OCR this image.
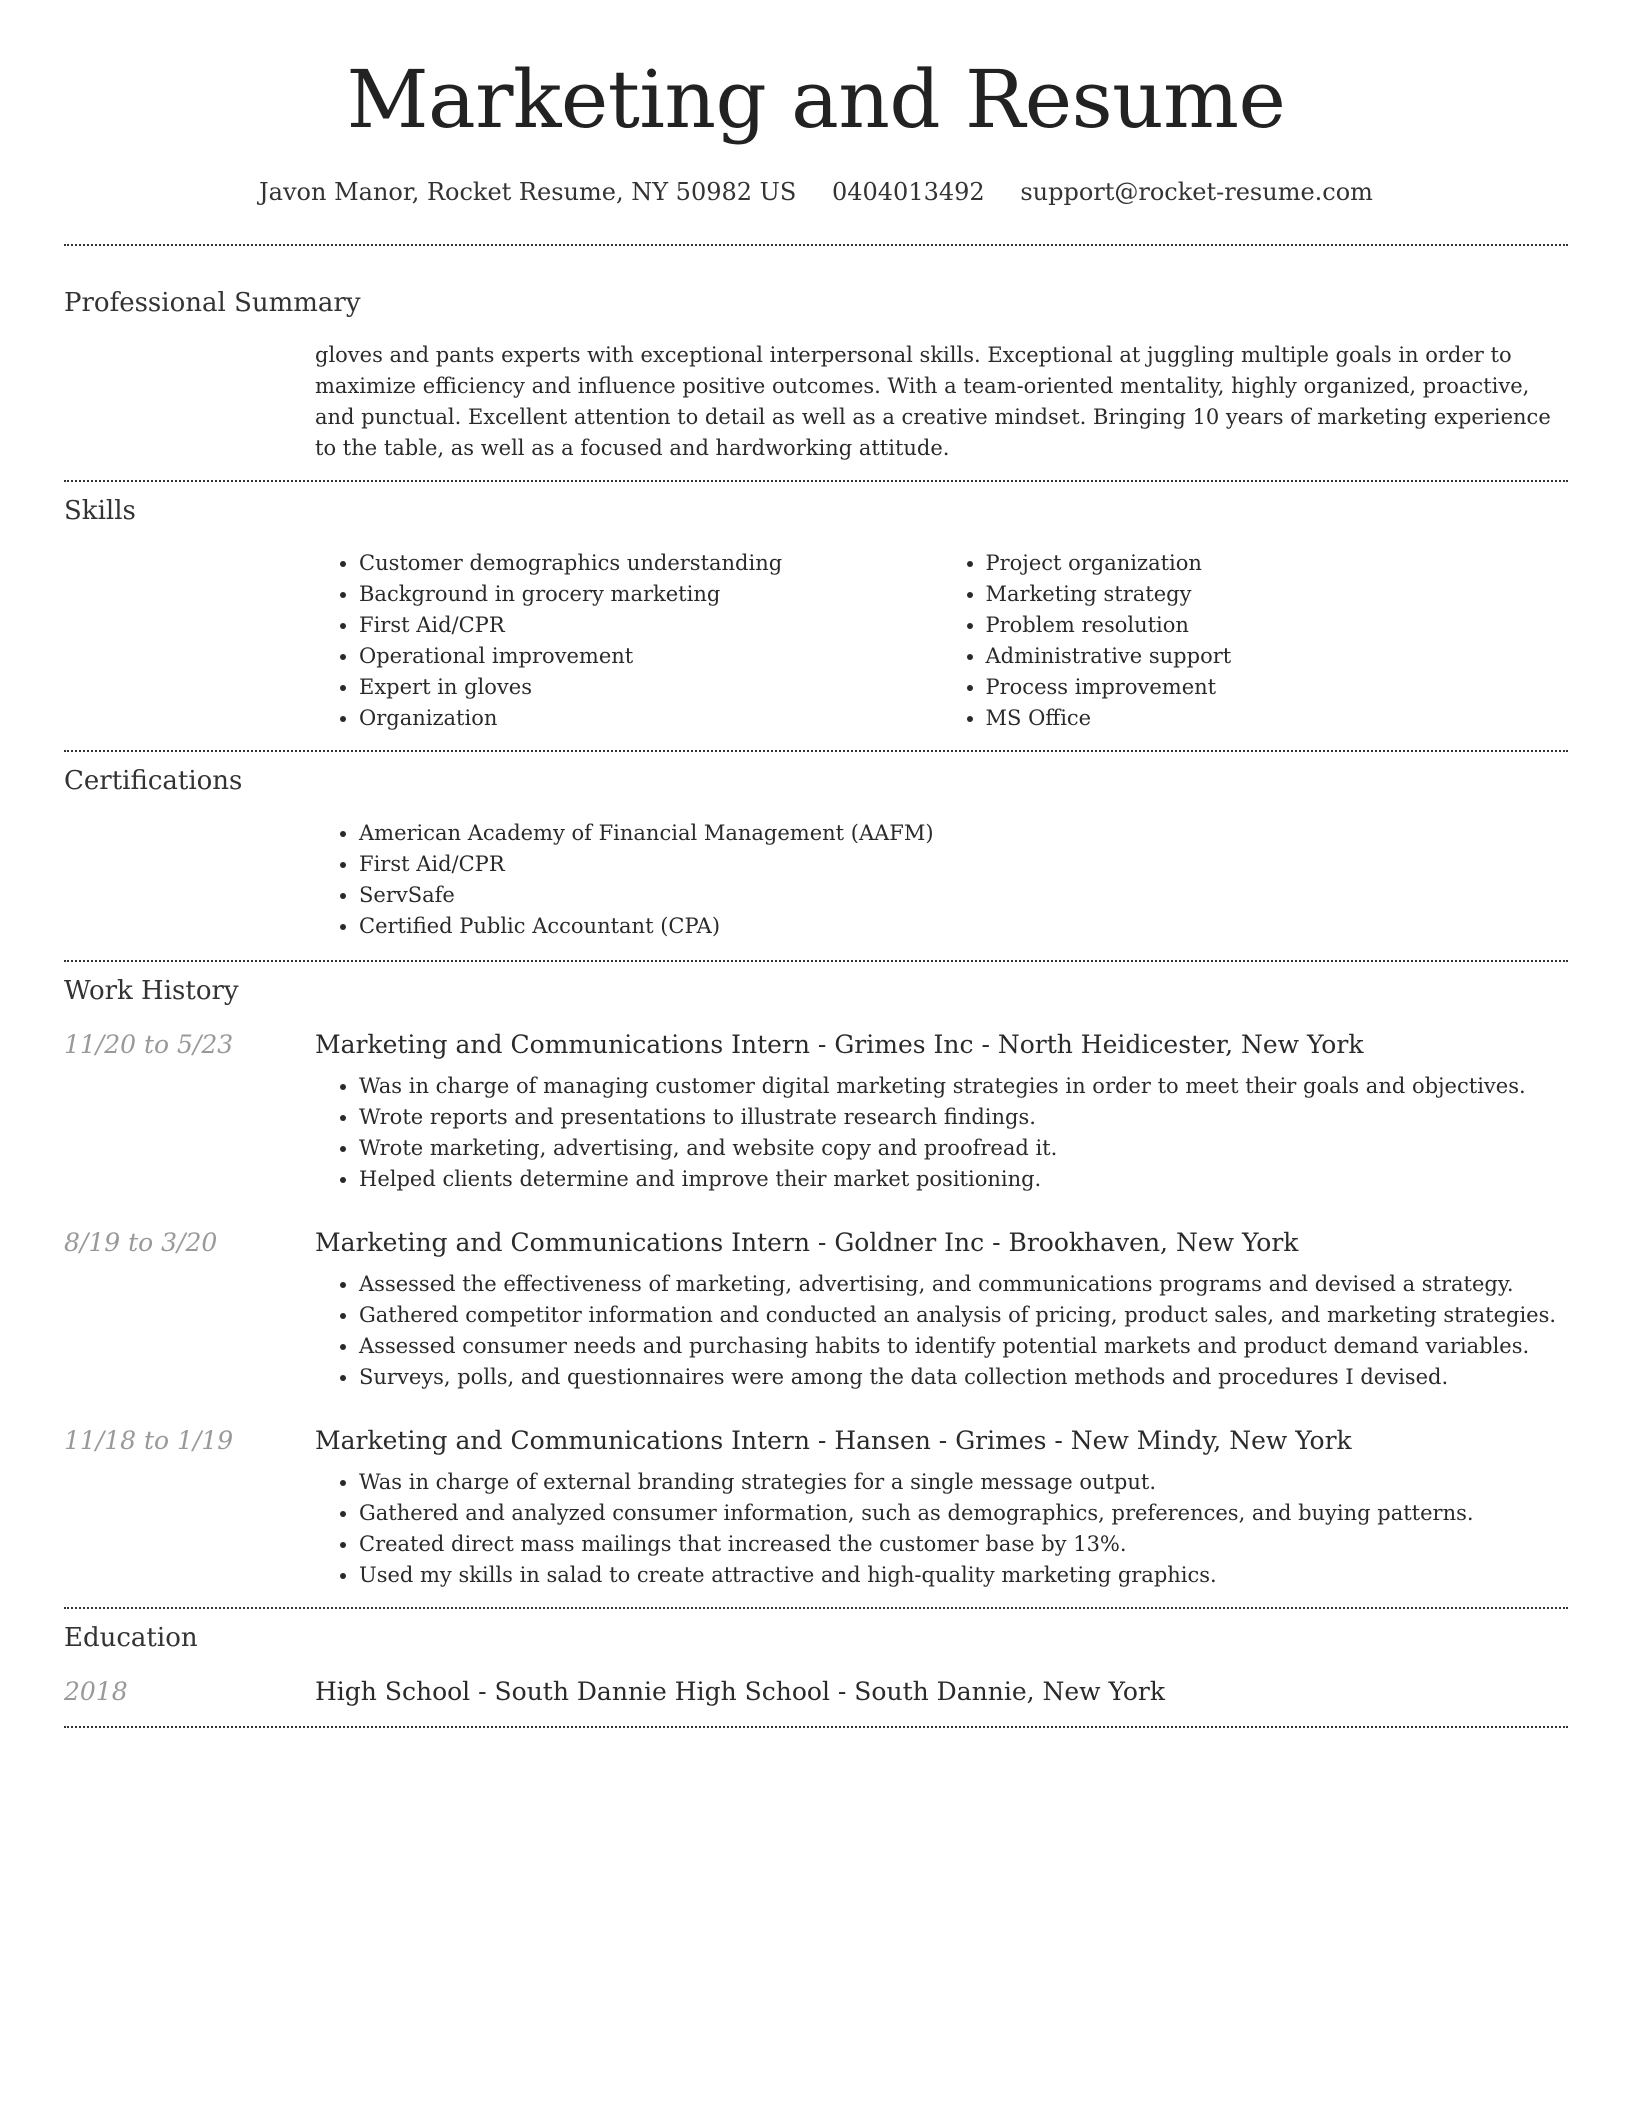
Marketing and Resume
Javon Manor, Rocket Resume, NY 50982 US 0404013492 support@rocket-resume.com
Professional Summary

gloves and pants experts with exceptional interpersonal skills. Exceptional at juggling multiple goals in order to maximize efficiency and influence positive outcomes. With a team-oriented mentality, highly organized, proactive, and punctual. Excellent attention to detail as well as a creative mindset. Bringing 10 years of marketing experience to the table, as well as a focused and hardworking attitude.

Skills
• Customer demographics understanding
• Background in grocery marketing
• First Aid/CPR
• Operational improvement
• Expert in gloves
• Organization
• Project organization
• Marketing strategy
• Problem resolution
• Administrative support
• Process improvement
• MS Office
Certifications
• American Academy of Financial Management (AAFM)
• First Aid/CPR
• ServSafe
• Certified Public Accountant (CPA)
Work History
11/20 to 5/23	Marketing and Communications Intern - Grimes Inc - North Heidicester, New York
• Was in charge of managing customer digital marketing strategies in order to meet their goals and objectives.
• Wrote reports and presentations to illustrate research findings.
• Wrote marketing, advertising, and website copy and proofread it.
• Helped clients determine and improve their market positioning.
8/19 to 3/20	Marketing and Communications Intern - Goldner Inc - Brookhaven, New York
• Assessed the effectiveness of marketing, advertising, and communications programs and devised a strategy.
• Gathered competitor information and conducted an analysis of pricing, product sales, and marketing strategies.
• Assessed consumer needs and purchasing habits to identify potential markets and product demand variables.
• Surveys, polls, and questionnaires were among the data collection methods and procedures I devised.
11/18 to 1/19	Marketing and Communications Intern - Hansen - Grimes - New Mindy, New York
• Was in charge of external branding strategies for a single message output.
• Gathered and analyzed consumer information, such as demographics, preferences, and buying patterns.
• Created direct mass mailings that increased the customer base by 13%.
• Used my skills in salad to create attractive and high-quality marketing graphics.
Education
2018	High School - South Dannie High School - South Dannie, New York
